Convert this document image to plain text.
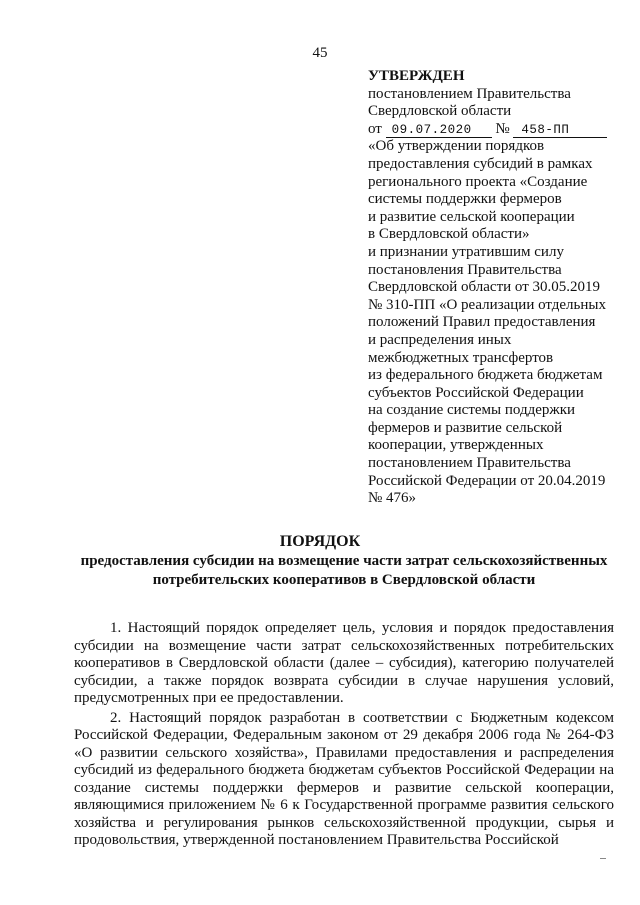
45
УТВЕРЖДЕН
постановлением Правительства
Свердловской области
от 09.07.2020 № 458-ПП
«Об утверждении порядков
предоставления субсидий в рамках
регионального проекта «Создание
системы поддержки фермеров
и развитие сельской кооперации
в Свердловской области»
и признании утратившим силу
постановления Правительства
Свердловской области от 30.05.2019
№ 310-ПП «О реализации отдельных
положений Правил предоставления
и распределения иных
межбюджетных трансфертов
из федерального бюджета бюджетам
субъектов Российской Федерации
на создание системы поддержки
фермеров и развитие сельской
кооперации, утвержденных
постановлением Правительства
Российской Федерации от 20.04.2019
№ 476»
ПОРЯДОК
предоставления субсидии на возмещение части затрат сельскохозяйственных
потребительских кооперативов в Свердловской области

1. Настоящий порядок определяет цель, условия и порядок предоставления субсидии на возмещение части затрат сельскохозяйственных потребительских кооперативов в Свердловской области (далее – субсидия), категорию получателей субсидии, а также порядок возврата субсидии в случае нарушения условий, предусмотренных при ее предоставлении.

2. Настоящий порядок разработан в соответствии с Бюджетным кодексом Российской Федерации, Федеральным законом от 29 декабря 2006 года № 264-ФЗ «О развитии сельского хозяйства», Правилами предоставления и распределения субсидий из федерального бюджета бюджетам субъектов Российской Федерации на создание системы поддержки фермеров и развитие сельской кооперации, являющимися приложением № 6 к Государственной программе развития сельского хозяйства и регулирования рынков сельскохозяйственной продукции, сырья и продовольствия, утвержденной постановлением Правительства Российской
